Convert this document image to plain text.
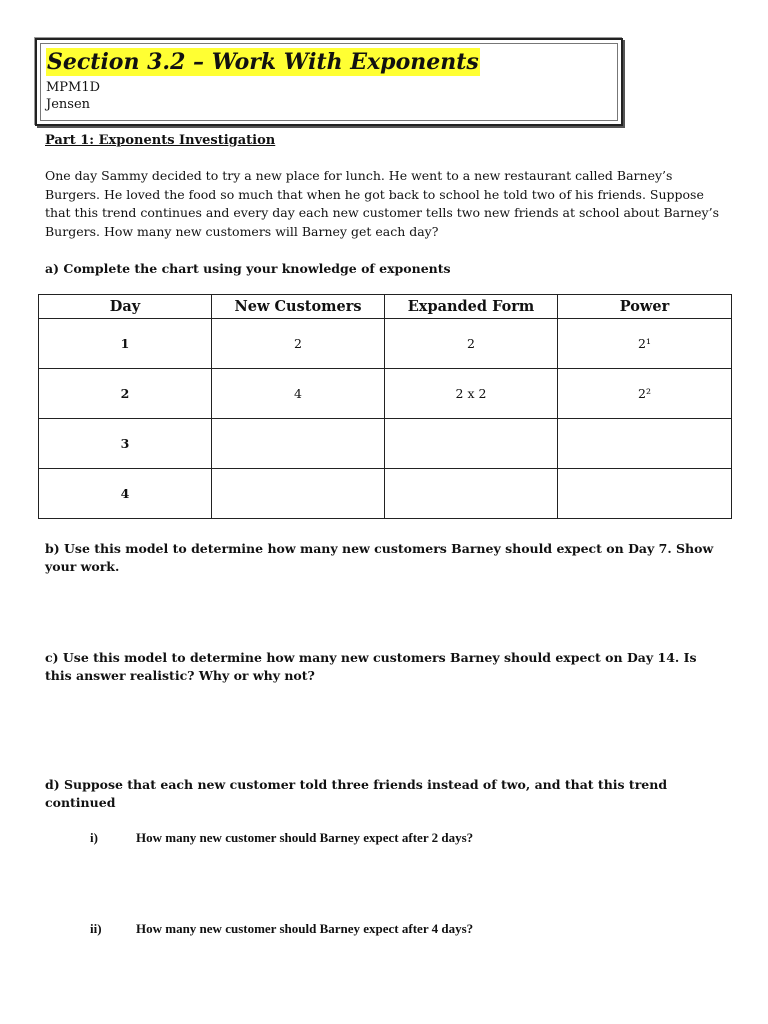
Section 3.2 – Work With Exponents
MPM1D
Jensen
Part 1: Exponents Investigation
One day Sammy decided to try a new place for lunch. He went to a new restaurant called Barney’s Burgers. He loved the food so much that when he got back to school he told two of his friends. Suppose that this trend continues and every day each new customer tells two new friends at school about Barney’s Burgers. How many new customers will Barney get each day?
a) Complete the chart using your knowledge of exponents
Day	New Customers	Expanded Form	Power
1	2	2	2¹
2	4	2 x 2	2²
3			
4			
b) Use this model to determine how many new customers Barney should expect on Day 7. Show your work.
c) Use this model to determine how many new customers Barney should expect on Day 14. Is this answer realistic? Why or why not?
d) Suppose that each new customer told three friends instead of two, and that this trend continued
i)	How many new customer should Barney expect after 2 days?
ii)	How many new customer should Barney expect after 4 days?
